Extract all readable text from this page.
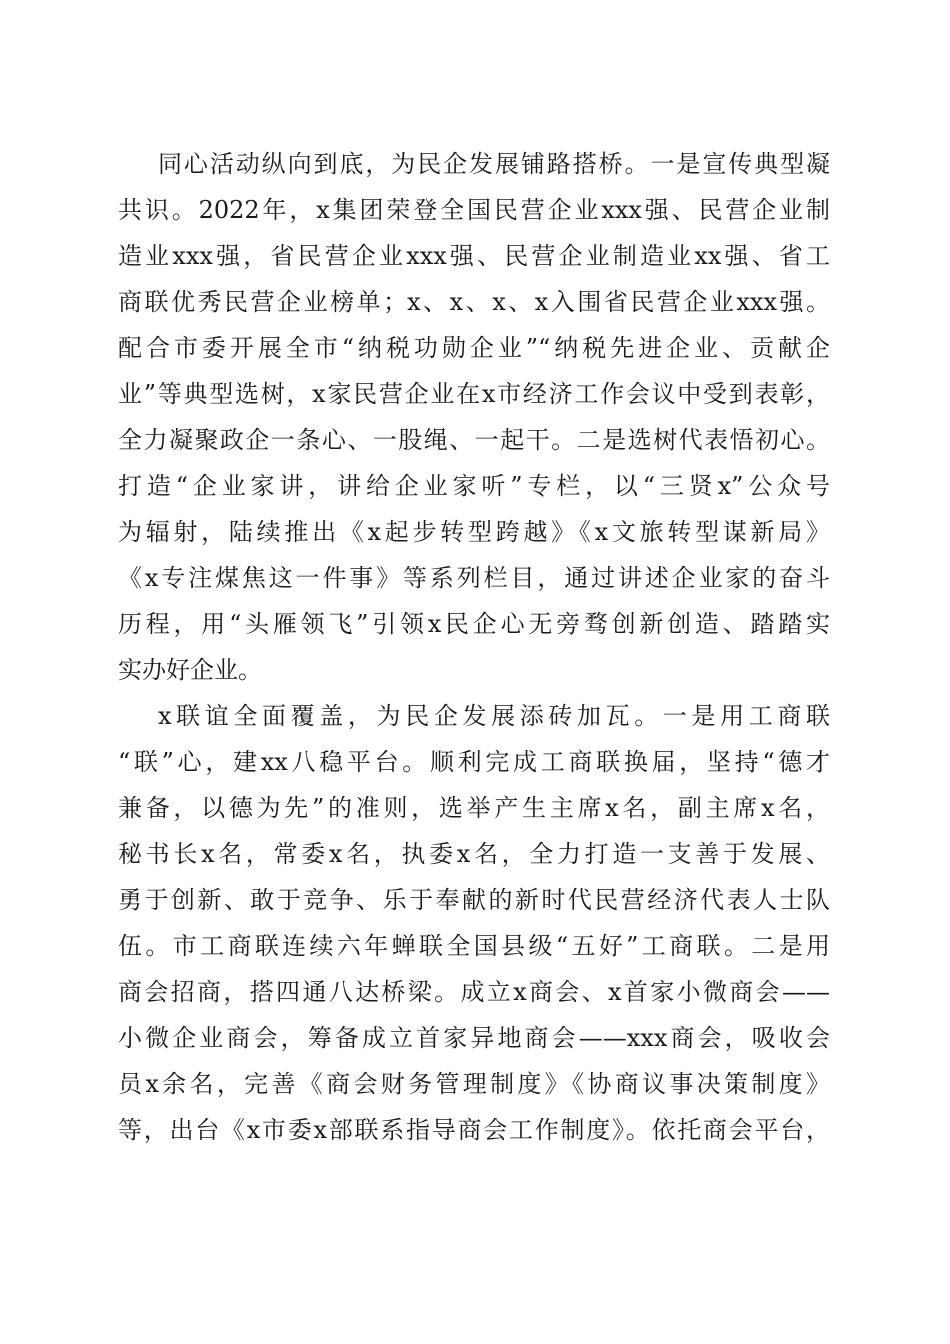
同心活动纵向到底，为民企发展铺路搭桥。一是宣传典型凝
共识。2022年，x集团荣登全国民营企业xxx强、民营企业制
造业xxx强，省民营企业xxx强、民营企业制造业xx强、省工
商联优秀民营企业榜单；x、x、x、x入围省民营企业xxx强。
配合市委开展全市“纳税功勋企业”“纳税先进企业、贡献企
业”等典型选树，x家民营企业在x市经济工作会议中受到表彰，
全力凝聚政企一条心、一股绳、一起干。二是选树代表悟初心。
打造“企业家讲，讲给企业家听”专栏，以“三贤x”公众号
为辐射，陆续推出《x起步转型跨越》《x文旅转型谋新局》
《x专注煤焦这一件事》等系列栏目，通过讲述企业家的奋斗
历程，用“头雁领飞”引领x民企心无旁骛创新创造、踏踏实
实办好企业。
x联谊全面覆盖，为民企发展添砖加瓦。一是用工商联
“联”心，建xx八稳平台。顺利完成工商联换届，坚持“德才
兼备，以德为先”的准则，选举产生主席x名，副主席x名，
秘书长x名，常委x名，执委x名，全力打造一支善于发展、
勇于创新、敢于竞争、乐于奉献的新时代民营经济代表人士队
伍。市工商联连续六年蝉联全国县级“五好”工商联。二是用
商会招商，搭四通八达桥梁。成立x商会、x首家小微商会——
小微企业商会，筹备成立首家异地商会——xxx商会，吸收会
员x余名，完善《商会财务管理制度》《协商议事决策制度》
等，出台《x市委x部联系指导商会工作制度》。依托商会平台，
